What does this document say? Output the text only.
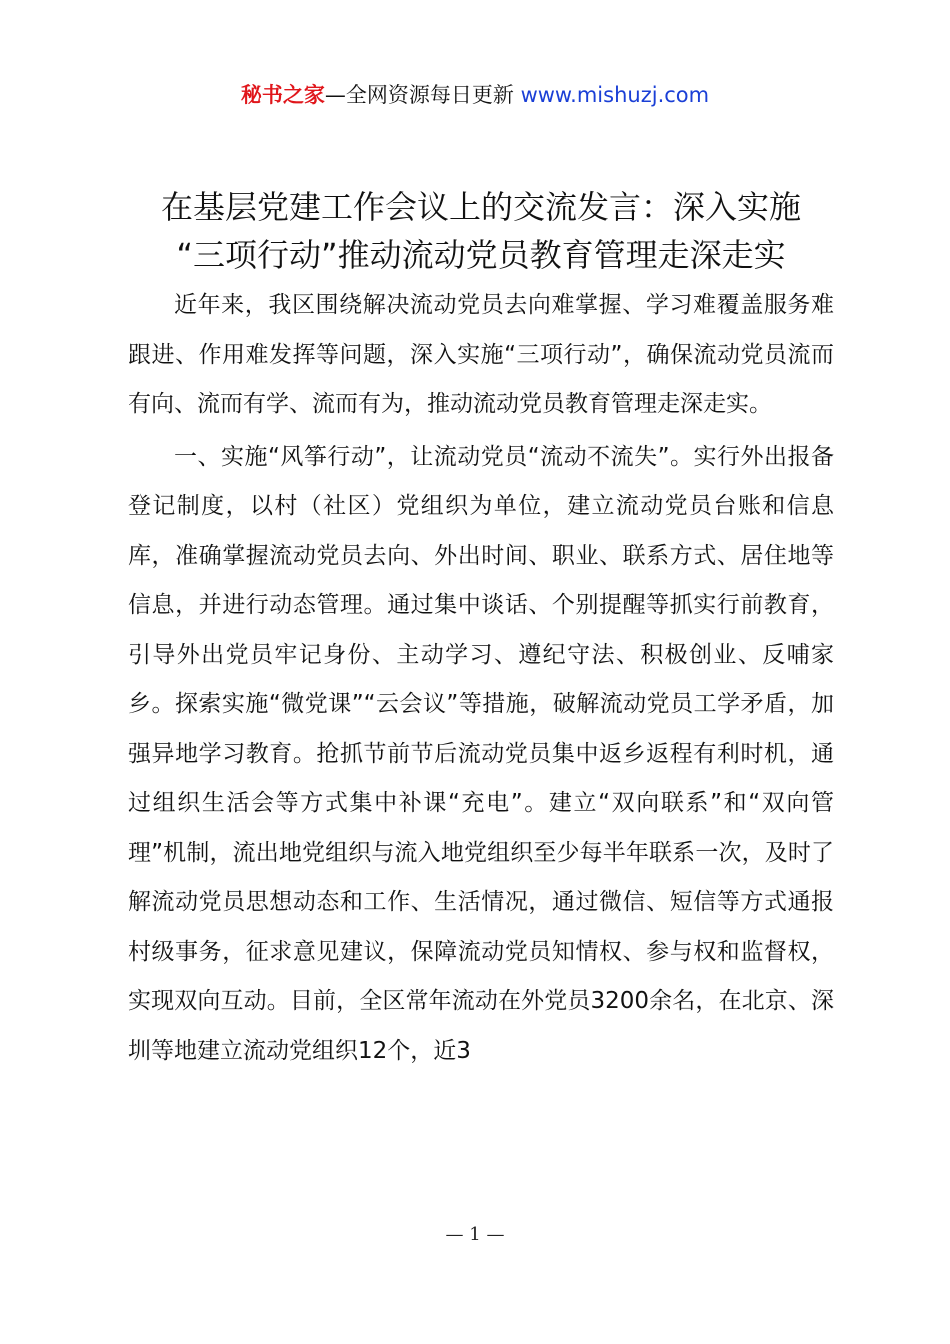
秘书之家—全网资源每日更新 www.mishuzj.com
在基层党建工作会议上的交流发言：深入实施
“三项行动”推动流动党员教育管理走深走实

近年来，我区围绕解决流动党员去向难掌握、学习难覆盖服务难跟进、作用难发挥等问题，深入实施“三项行动”，确保流动党员流而有向、流而有学、流而有为，推动流动党员教育管理走深走实。

一、实施“风筝行动”，让流动党员“流动不流失”。实行外出报备登记制度，以村（社区）党组织为单位，建立流动党员台账和信息库，准确掌握流动党员去向、外出时间、职业、联系方式、居住地等信息，并进行动态管理。通过集中谈话、个别提醒等抓实行前教育，引导外出党员牢记身份、主动学习、遵纪守法、积极创业、反哺家乡。探索实施“微党课”“云会议”等措施，破解流动党员工学矛盾，加强异地学习教育。抢抓节前节后流动党员集中返乡返程有利时机，通过组织生活会等方式集中补课“充电”。建立“双向联系”和“双向管理”机制，流出地党组织与流入地党组织至少每半年联系一次，及时了解流动党员思想动态和工作、生活情况，通过微信、短信等方式通报村级事务，征求意见建议，保障流动党员知情权、参与权和监督权，实现双向互动。目前，全区常年流动在外党员3200余名，在北京、深圳等地建立流动党组织12个，近3

— 1 —
